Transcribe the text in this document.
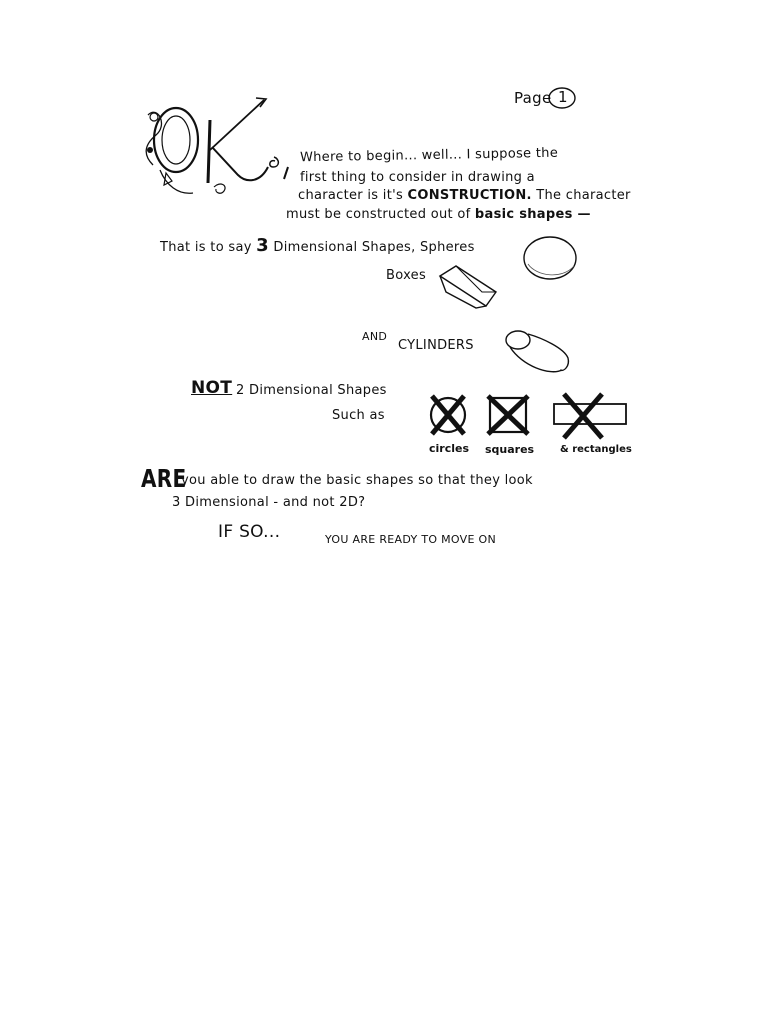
Page 1
Where to begin... well... I suppose the
first thing to consider in drawing a
character is it's CONSTRUCTION. The character
must be constructed out of basic shapes —
That is to say 3 Dimensional Shapes, Spheres
Boxes
AND
CYLINDERS
NOT 2 Dimensional Shapes
Such as
circles squares	& rectangles
ARE
you able to draw the basic shapes so that they look
3 Dimensional - and not 2D?
IF SO...	YOU ARE READY TO MOVE ON
